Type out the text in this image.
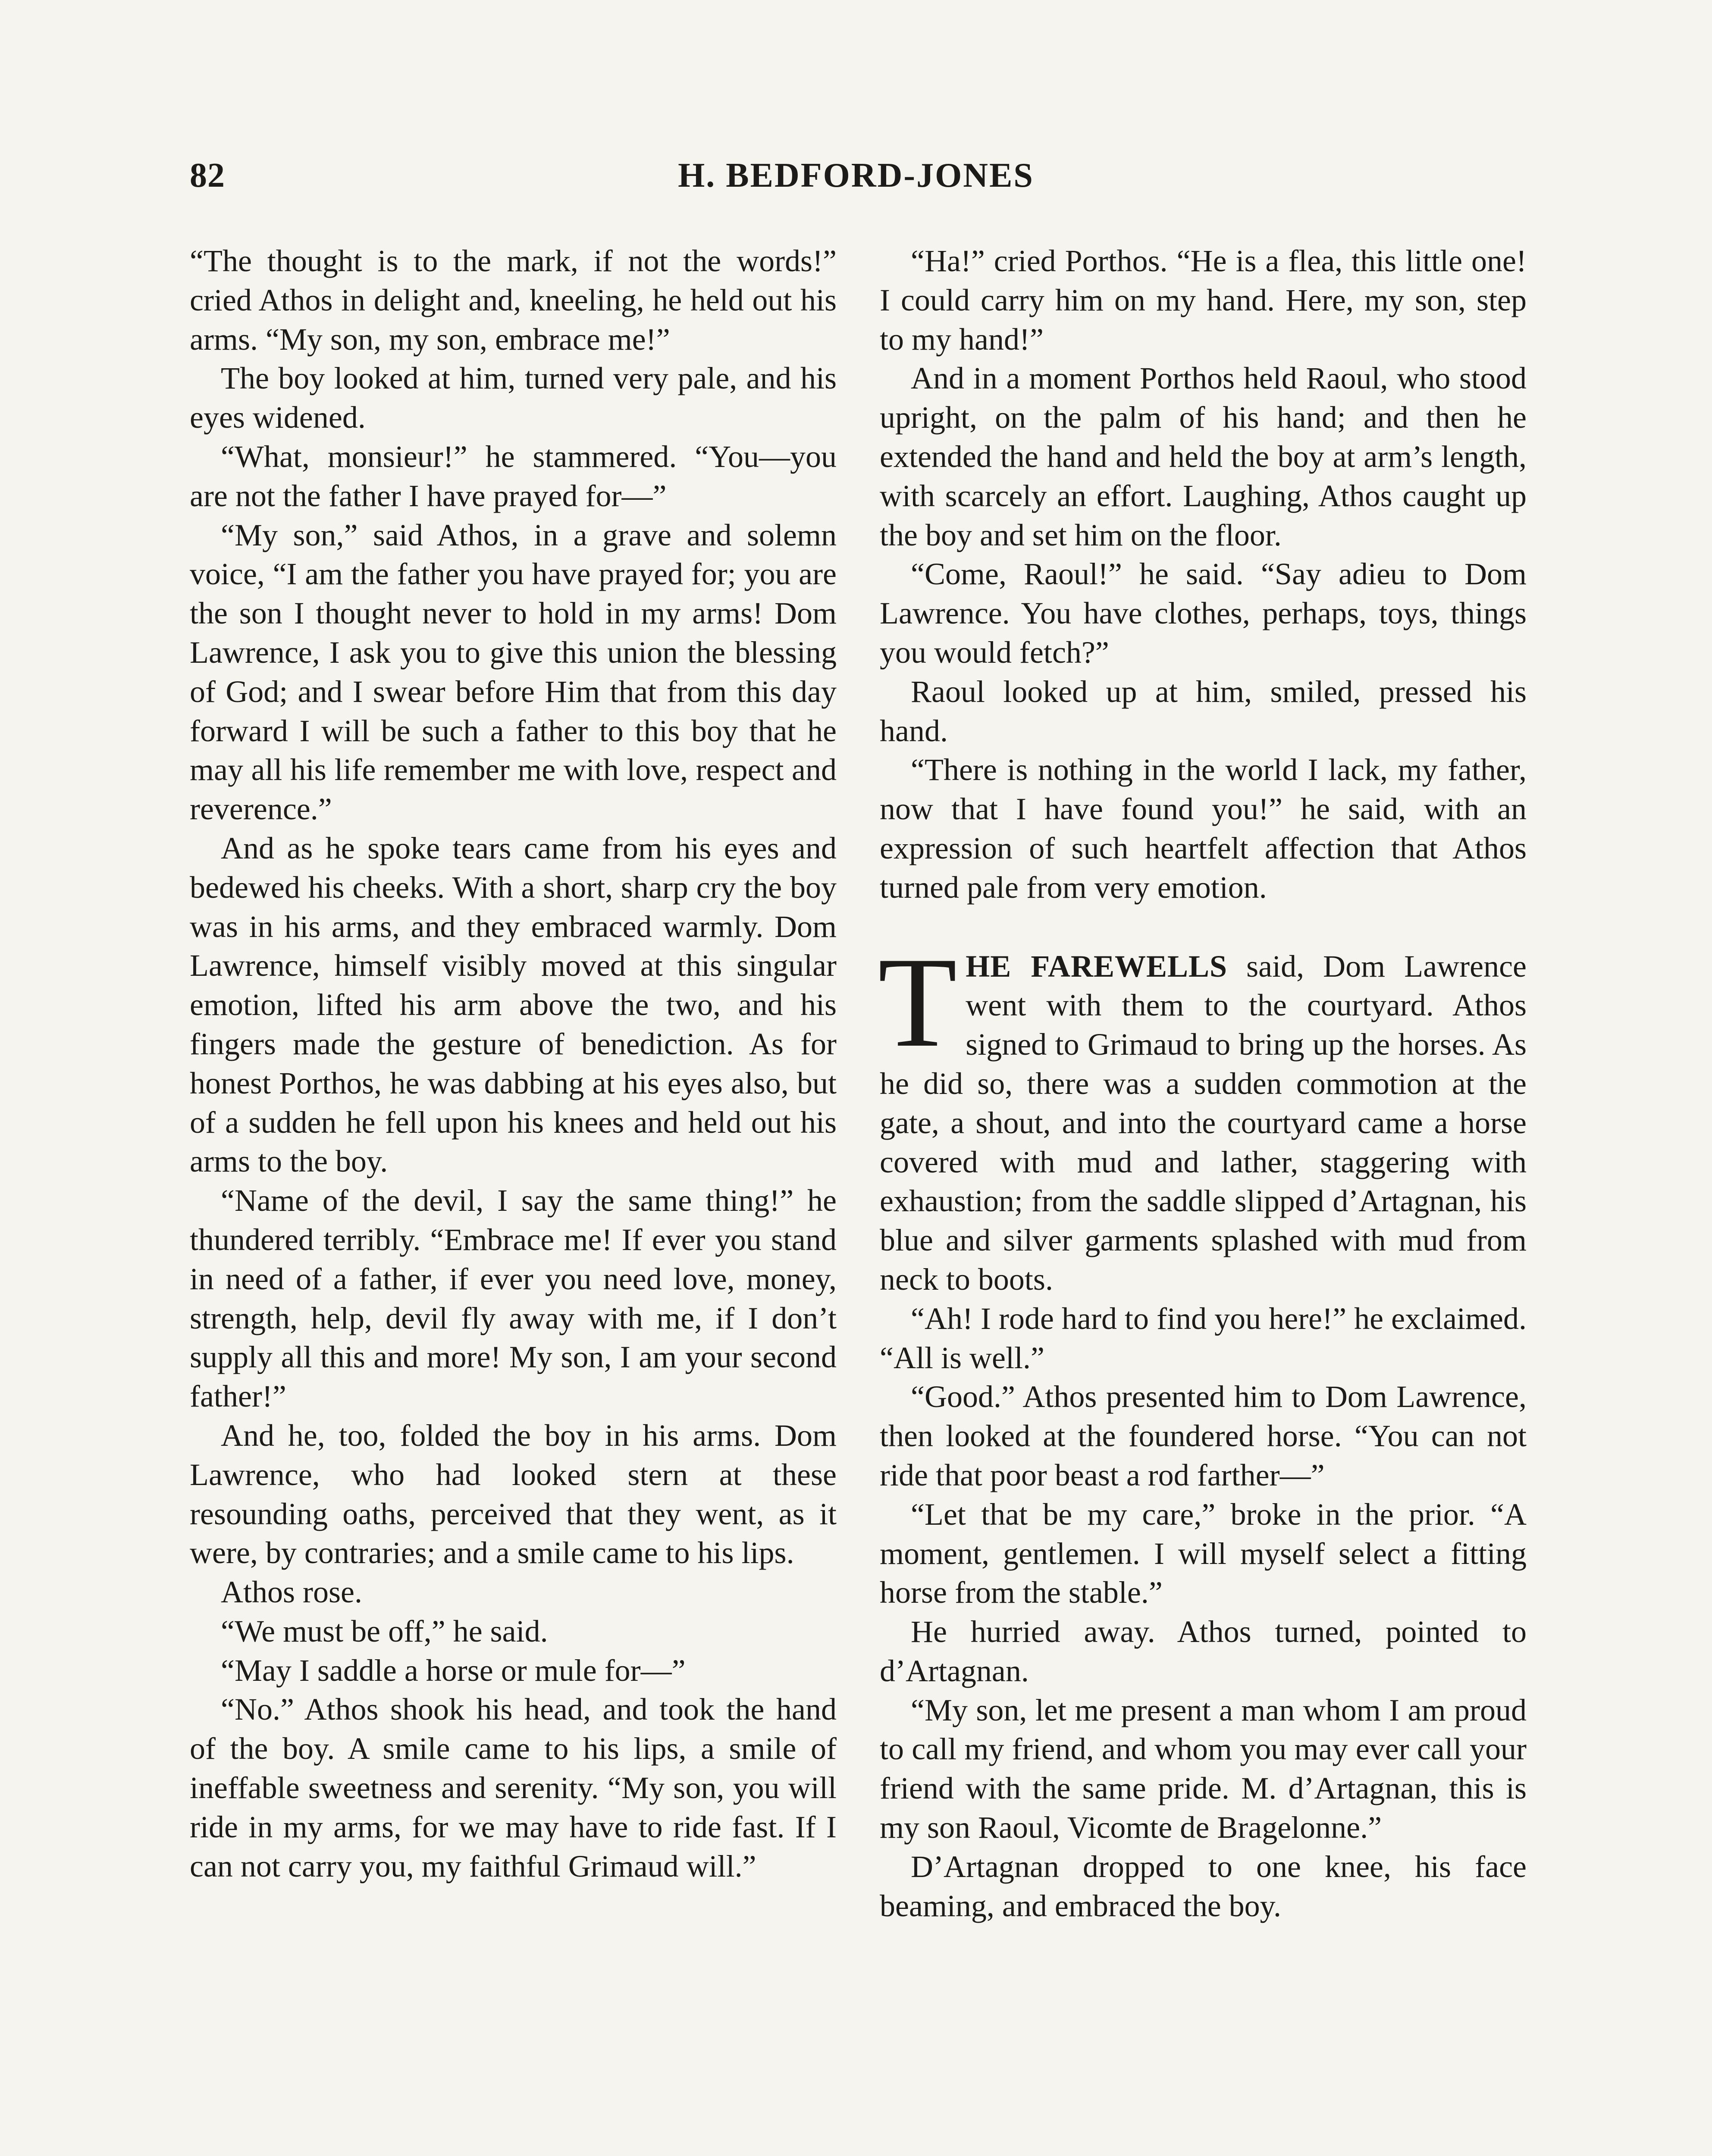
82	H. BEDFORD-JONES

“The thought is to the mark, if not the words!” cried Athos in delight and, kneeling, he held out his arms. “My son, my son, embrace me!”

The boy looked at him, turned very pale, and his eyes widened.

“What, monsieur!” he stammered. “You—you are not the father I have prayed for—”

“My son,” said Athos, in a grave and solemn voice, “I am the father you have prayed for; you are the son I thought never to hold in my arms! Dom Lawrence, I ask you to give this union the blessing of God; and I swear before Him that from this day forward I will be such a father to this boy that he may all his life remember me with love, respect and reverence.”

And as he spoke tears came from his eyes and bedewed his cheeks. With a short, sharp cry the boy was in his arms, and they embraced warmly. Dom Lawrence, himself visibly moved at this singular emotion, lifted his arm above the two, and his fingers made the gesture of benediction. As for honest Porthos, he was dabbing at his eyes also, but of a sudden he fell upon his knees and held out his arms to the boy.

“Name of the devil, I say the same thing!” he thundered terribly. “Embrace me! If ever you stand in need of a father, if ever you need love, money, strength, help, devil fly away with me, if I don’t supply all this and more! My son, I am your second father!”

And he, too, folded the boy in his arms. Dom Lawrence, who had looked stern at these resounding oaths, perceived that they went, as it were, by contraries; and a smile came to his lips.

Athos rose.

“We must be off,” he said.

“May I saddle a horse or mule for—”

“No.” Athos shook his head, and took the hand of the boy. A smile came to his lips, a smile of ineffable sweetness and serenity. “My son, you will ride in my arms, for we may have to ride fast. If I can not carry you, my faithful Grimaud will.”

“Ha!” cried Porthos. “He is a flea, this little one! I could carry him on my hand. Here, my son, step to my hand!”

And in a moment Porthos held Raoul, who stood upright, on the palm of his hand; and then he extended the hand and held the boy at arm’s length, with scarcely an effort. Laughing, Athos caught up the boy and set him on the floor.

“Come, Raoul!” he said. “Say adieu to Dom Lawrence. You have clothes, perhaps, toys, things you would fetch?”

Raoul looked up at him, smiled, pressed his hand.

“There is nothing in the world I lack, my father, now that I have found you!” he said, with an expression of such heartfelt affection that Athos turned pale from very emotion.

THE FAREWELLS said, Dom Lawrence went with them to the courtyard. Athos signed to Grimaud to bring up the horses. As he did so, there was a sudden commotion at the gate, a shout, and into the courtyard came a horse covered with mud and lather, staggering with exhaustion; from the saddle slipped d’Artagnan, his blue and silver garments splashed with mud from neck to boots.

“Ah! I rode hard to find you here!” he exclaimed. “All is well.”

“Good.” Athos presented him to Dom Lawrence, then looked at the foundered horse. “You can not ride that poor beast a rod farther—”

“Let that be my care,” broke in the prior. “A moment, gentlemen. I will myself select a fitting horse from the stable.”

He hurried away. Athos turned, pointed to d’Artagnan.

“My son, let me present a man whom I am proud to call my friend, and whom you may ever call your friend with the same pride. M. d’Artagnan, this is my son Raoul, Vicomte de Bragelonne.”

D’Artagnan dropped to one knee, his face beaming, and embraced the boy.
